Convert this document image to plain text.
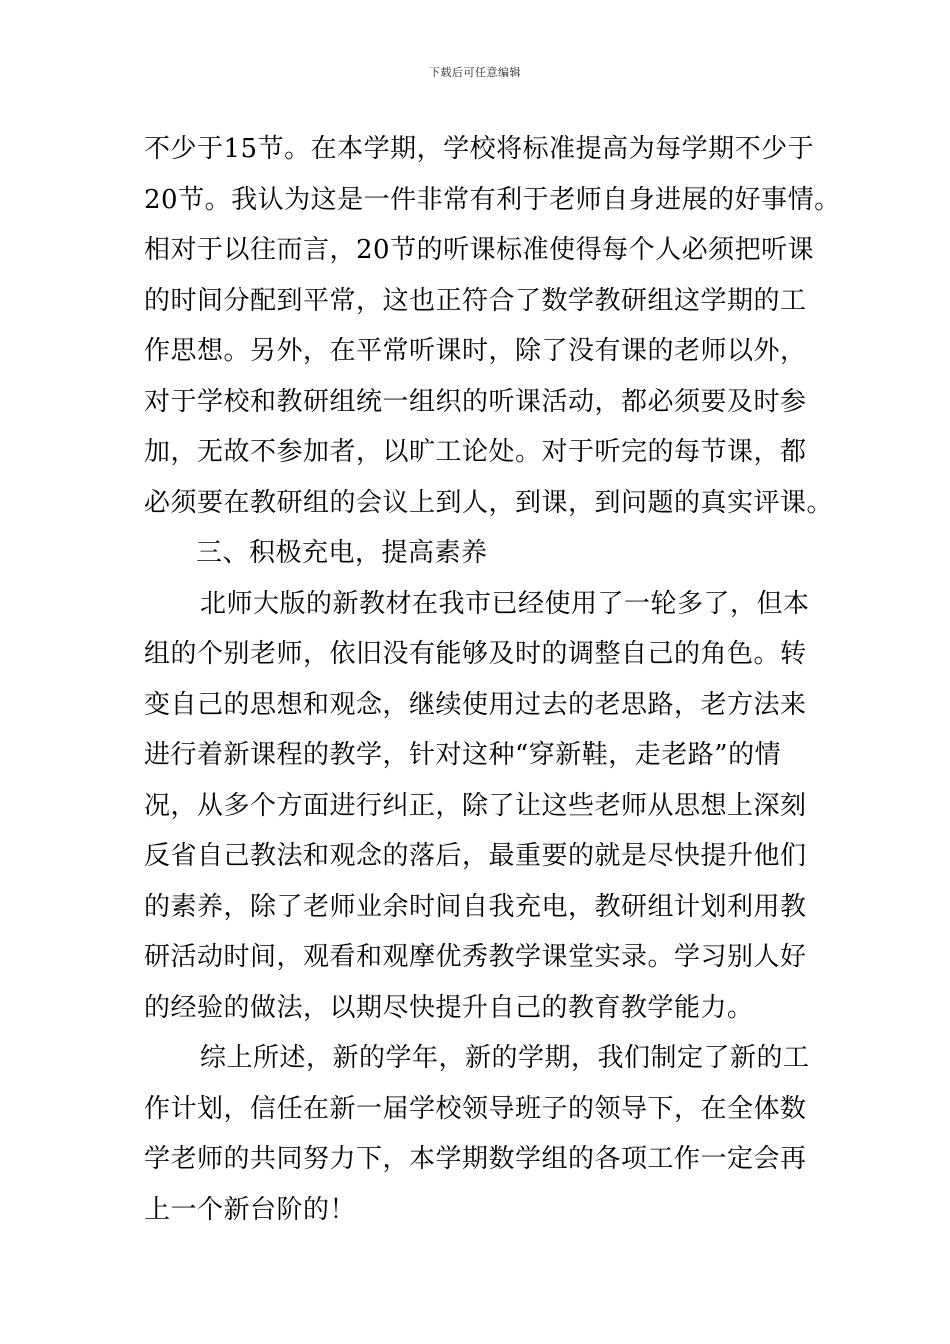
下载后可任意编辑
不少于15节。在本学期，学校将标准提高为每学期不少于
20节。我认为这是一件非常有利于老师自身进展的好事情。
相对于以往而言，20节的听课标准使得每个人必须把听课
的时间分配到平常，这也正符合了数学教研组这学期的工
作思想。另外，在平常听课时，除了没有课的老师以外，
对于学校和教研组统一组织的听课活动，都必须要及时参
加，无故不参加者，以旷工论处。对于听完的每节课，都
必须要在教研组的会议上到人，到课，到问题的真实评课。
三、积极充电，提高素养
北师大版的新教材在我市已经使用了一轮多了，但本
组的个别老师，依旧没有能够及时的调整自己的角色。转
变自己的思想和观念，继续使用过去的老思路，老方法来
进行着新课程的教学，针对这种“穿新鞋，走老路”的情
况，从多个方面进行纠正，除了让这些老师从思想上深刻
反省自己教法和观念的落后，最重要的就是尽快提升他们
的素养，除了老师业余时间自我充电，教研组计划利用教
研活动时间，观看和观摩优秀教学课堂实录。学习别人好
的经验的做法，以期尽快提升自己的教育教学能力。
综上所述，新的学年，新的学期，我们制定了新的工
作计划，信任在新一届学校领导班子的领导下，在全体数
学老师的共同努力下，本学期数学组的各项工作一定会再
上一个新台阶的！
